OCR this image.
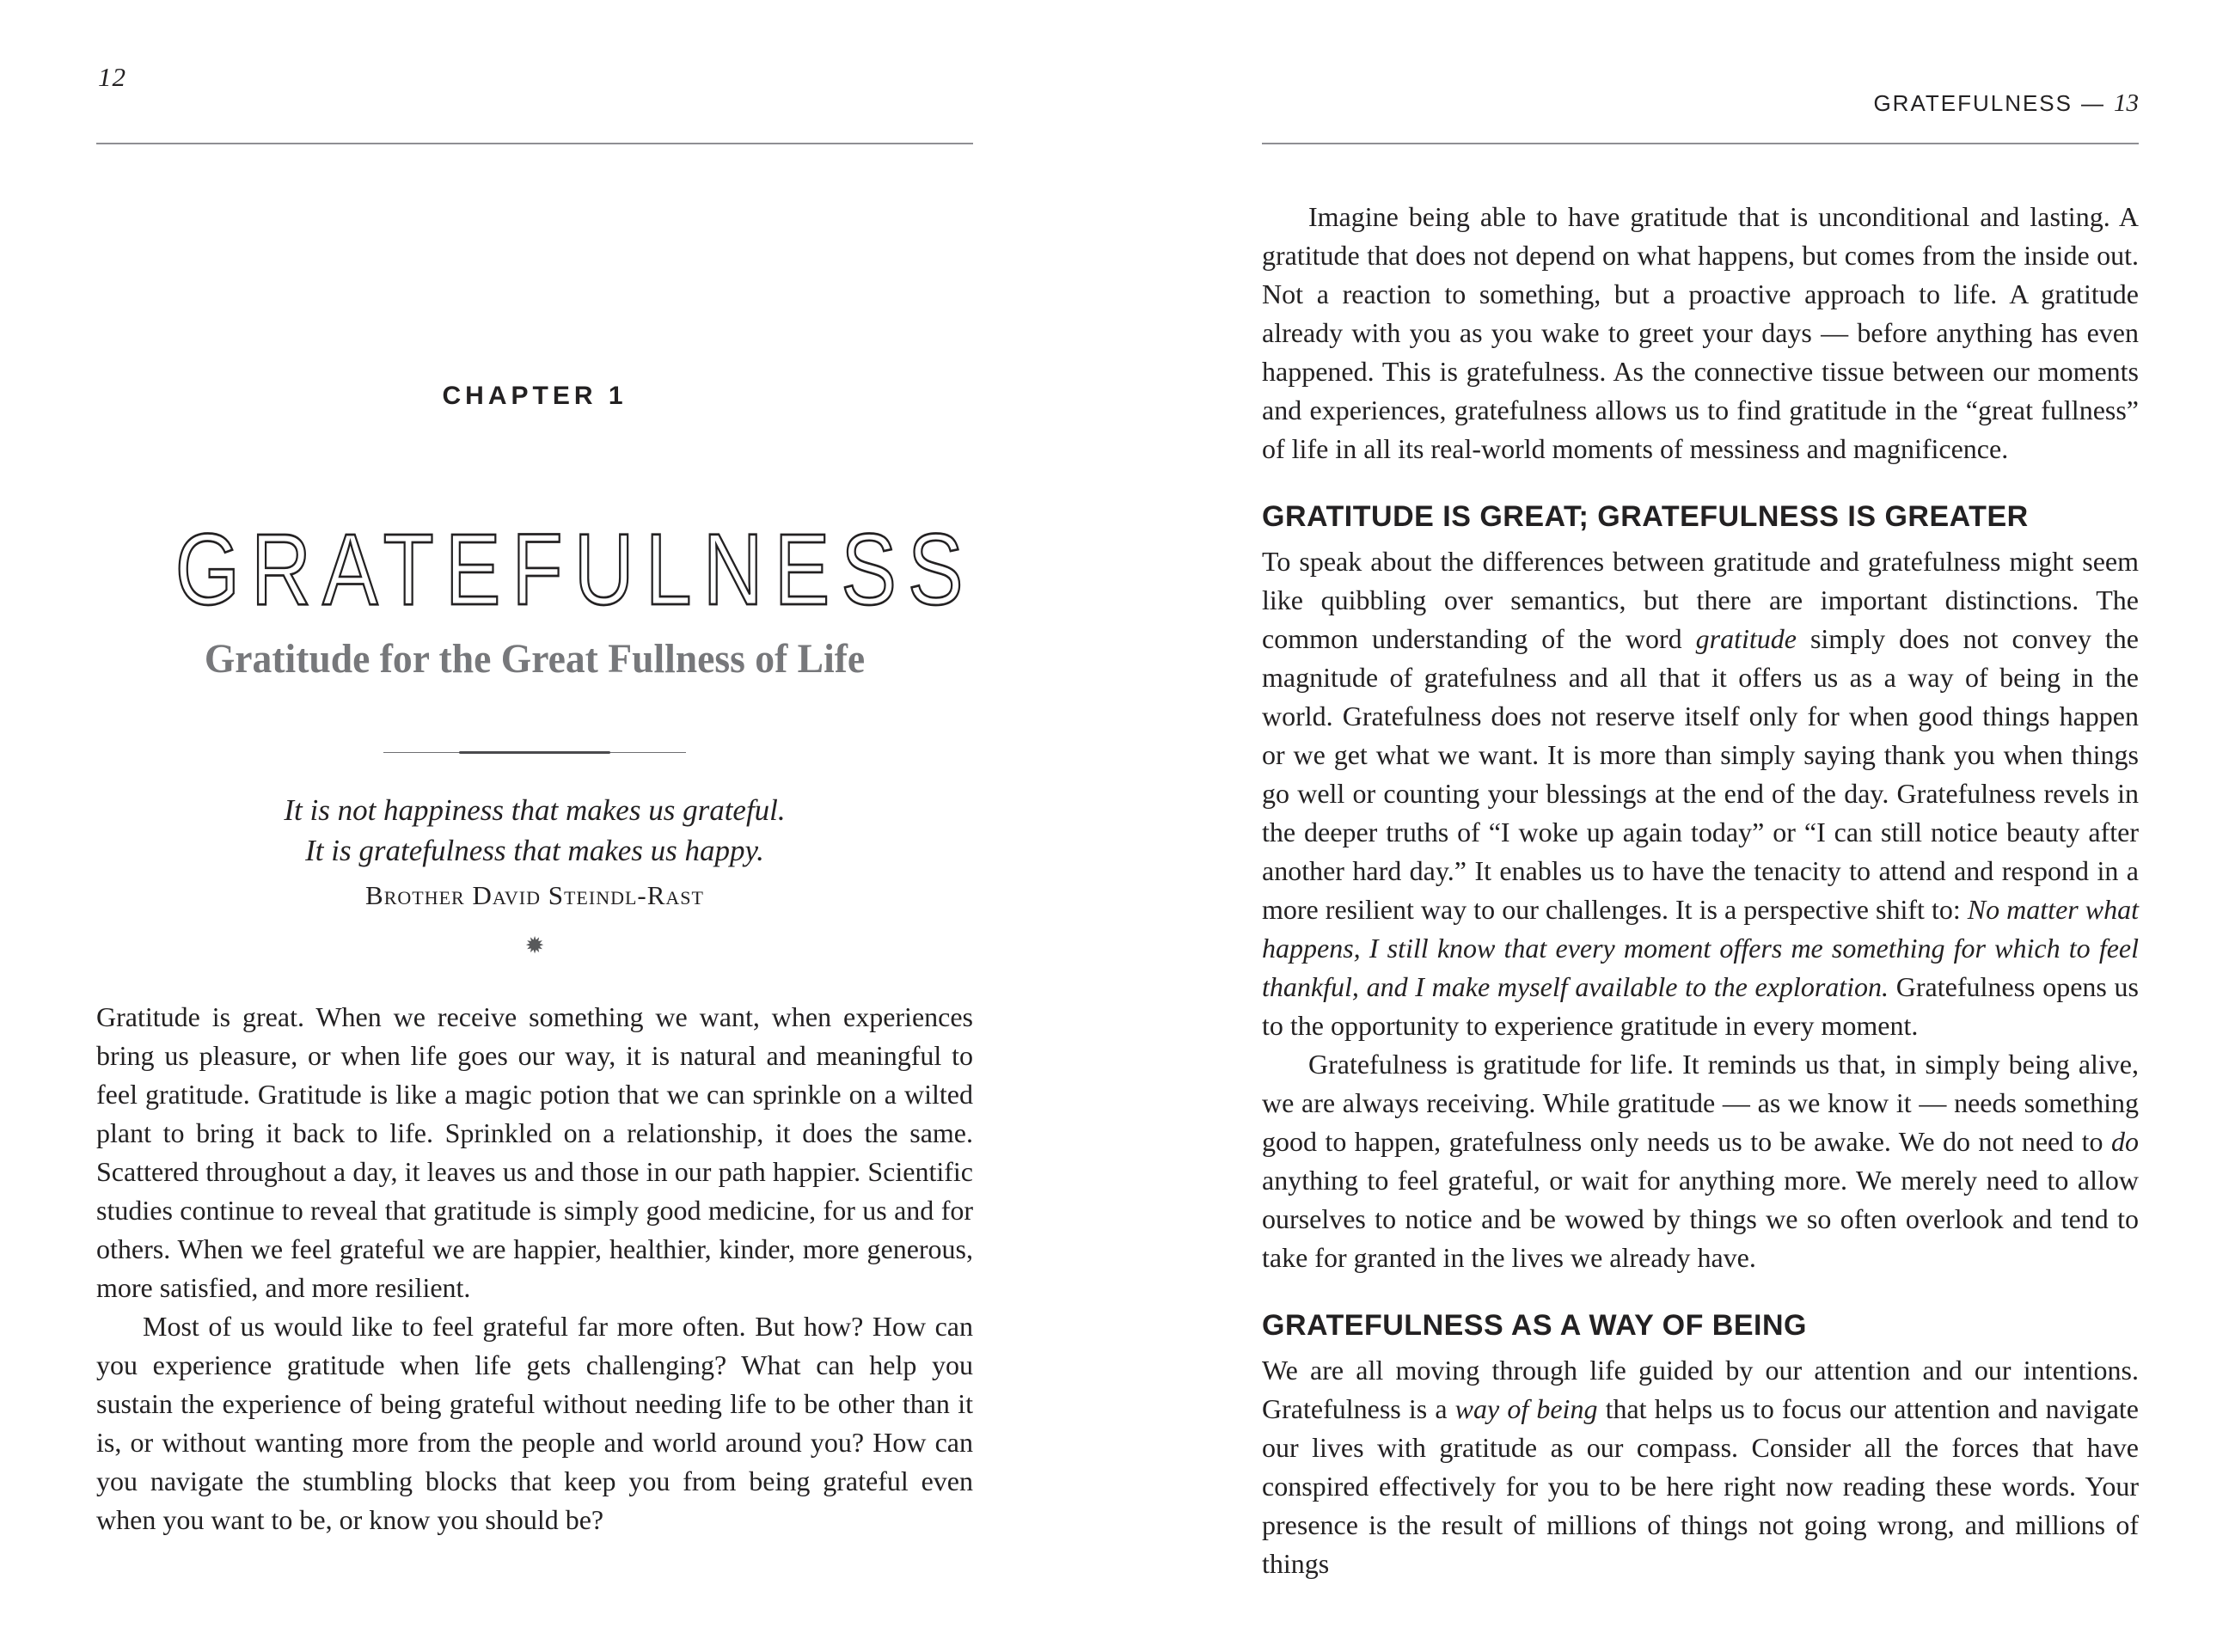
12
CHAPTER 1
GRATEFULNESS
Gratitude for the Great Fullness of Life

It is not happiness that makes us grateful.

It is gratefulness that makes us happy.

Brother David Steindl-Rast

✹

Gratitude is great. When we receive something we want, when experiences bring us pleasure, or when life goes our way, it is natural and meaningful to feel gratitude. Gratitude is like a magic potion that we can sprinkle on a wilted plant to bring it back to life. Sprinkled on a relationship, it does the same. Scattered throughout a day, it leaves us and those in our path happier. Scientific studies continue to reveal that gratitude is simply good medicine, for us and for others. When we feel grateful we are happier, healthier, kinder, more generous, more satisfied, and more resilient.

Most of us would like to feel grateful far more often. But how? How can you experience gratitude when life gets challenging? What can help you sustain the experience of being grateful without needing life to be other than it is, or without wanting more from the people and world around you? How can you navigate the stumbling blocks that keep you from being grateful even when you want to be, or know you should be?

GRATEFULNESS — 13

Imagine being able to have gratitude that is unconditional and lasting. A gratitude that does not depend on what happens, but comes from the inside out. Not a reaction to something, but a proactive approach to life. A gratitude already with you as you wake to greet your days — before anything has even happened. This is gratefulness. As the connective tissue between our moments and experiences, gratefulness allows us to find gratitude in the “great fullness” of life in all its real-world moments of messiness and magnificence.

GRATITUDE IS GREAT; GRATEFULNESS IS GREATER

To speak about the differences between gratitude and gratefulness might seem like quibbling over semantics, but there are important distinctions. The common understanding of the word gratitude simply does not convey the magnitude of gratefulness and all that it offers us as a way of being in the world. Gratefulness does not reserve itself only for when good things happen or we get what we want. It is more than simply saying thank you when things go well or counting your blessings at the end of the day. Gratefulness revels in the deeper truths of “I woke up again today” or “I can still notice beauty after another hard day.” It enables us to have the tenacity to attend and respond in a more resilient way to our challenges. It is a perspective shift to: No matter what happens, I still know that every moment offers me something for which to feel thankful, and I make myself available to the exploration. Gratefulness opens us to the opportunity to experience gratitude in every moment.

Gratefulness is gratitude for life. It reminds us that, in simply being alive, we are always receiving. While gratitude — as we know it — needs something good to happen, gratefulness only needs us to be awake. We do not need to do anything to feel grateful, or wait for anything more. We merely need to allow ourselves to notice and be wowed by things we so often overlook and tend to take for granted in the lives we already have.

GRATEFULNESS AS A WAY OF BEING

We are all moving through life guided by our attention and our intentions. Gratefulness is a way of being that helps us to focus our attention and navigate our lives with gratitude as our compass. Consider all the forces that have conspired effectively for you to be here right now reading these words. Your presence is the result of millions of things not going wrong, and millions of things
